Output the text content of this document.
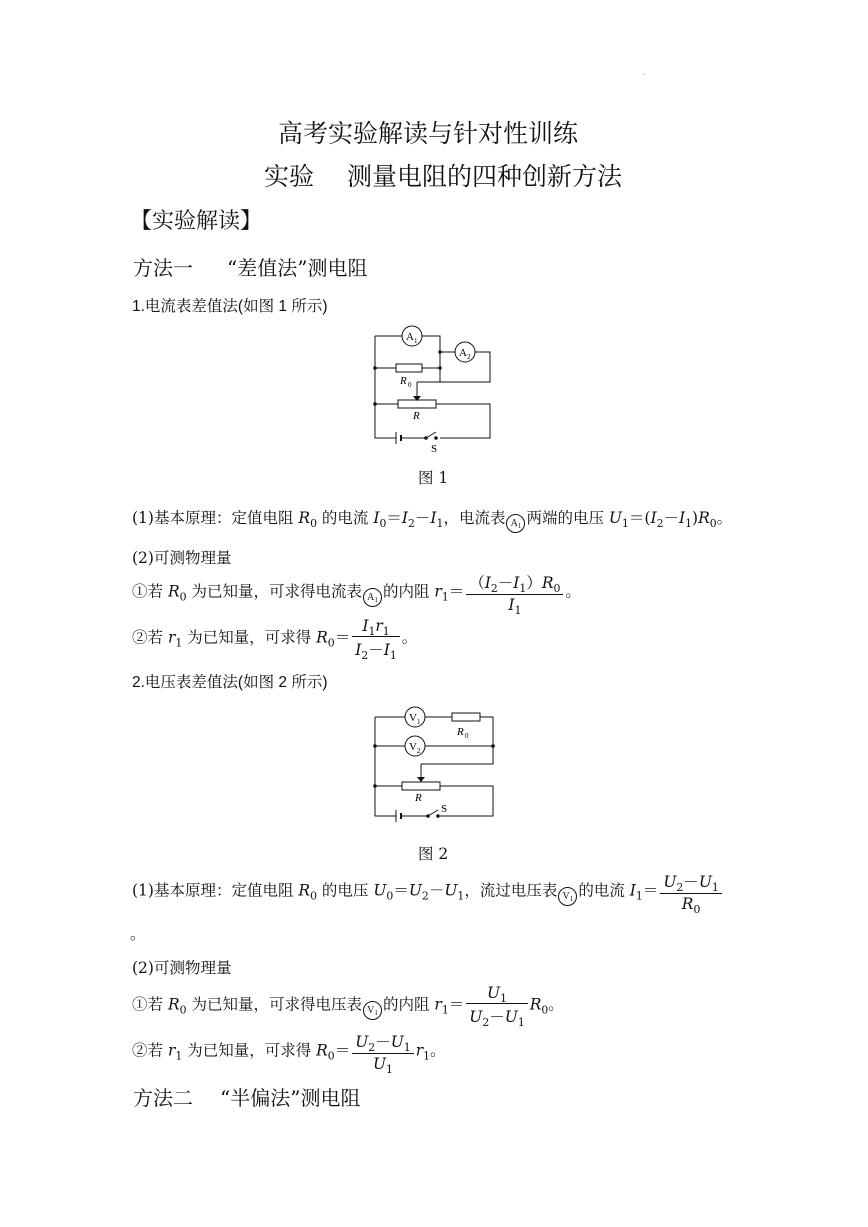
.
高考实验解读与针对性训练
实验 测量电阻的四种创新方法
【实验解读】
方法一 “差值法”测电阻
1.电流表差值法(如图 1 所示)
A 1
A 2
R 0
R
S
图 1
(1)基本原理：定值电阻 $R_0$ 的电流 $I_0=I_2-I_1$，电流表 $A_1$ 两端的电压 $U_1=(I_2-I_1)R_0$。
(2)可测物理量
①若 $R_0$ 为已知量，可求得电流表 $A_1$ 的内阻 $r_1= \frac{(I_2-I_1)R_0}{I_1}$ 。
②若 $r_1$ 为已知量，可求得 $R_0= \frac{I_1r_1}{I_2-I_1}$ 。
2.电压表差值法(如图 2 所示)
V 1
V 2
R 0
R
S
图 2
(1)基本原理：定值电阻 $R_0$ 的电压 $U_0=U_2-U_1$，流过电压表 $V_1$ 的电流 $I_1= \frac{U_2-U_1}{R_0}$
。
(2)可测物理量
①若 $R_0$ 为已知量，可求得电压表 $V_1$ 的内阻 $r_1= \frac{U_1}{U_2-U_1} R_0$。
②若 $r_1$ 为已知量，可求得 $R_0= \frac{U_2-U_1}{U_1} r_1$。
方法二 “半偏法”测电阻
